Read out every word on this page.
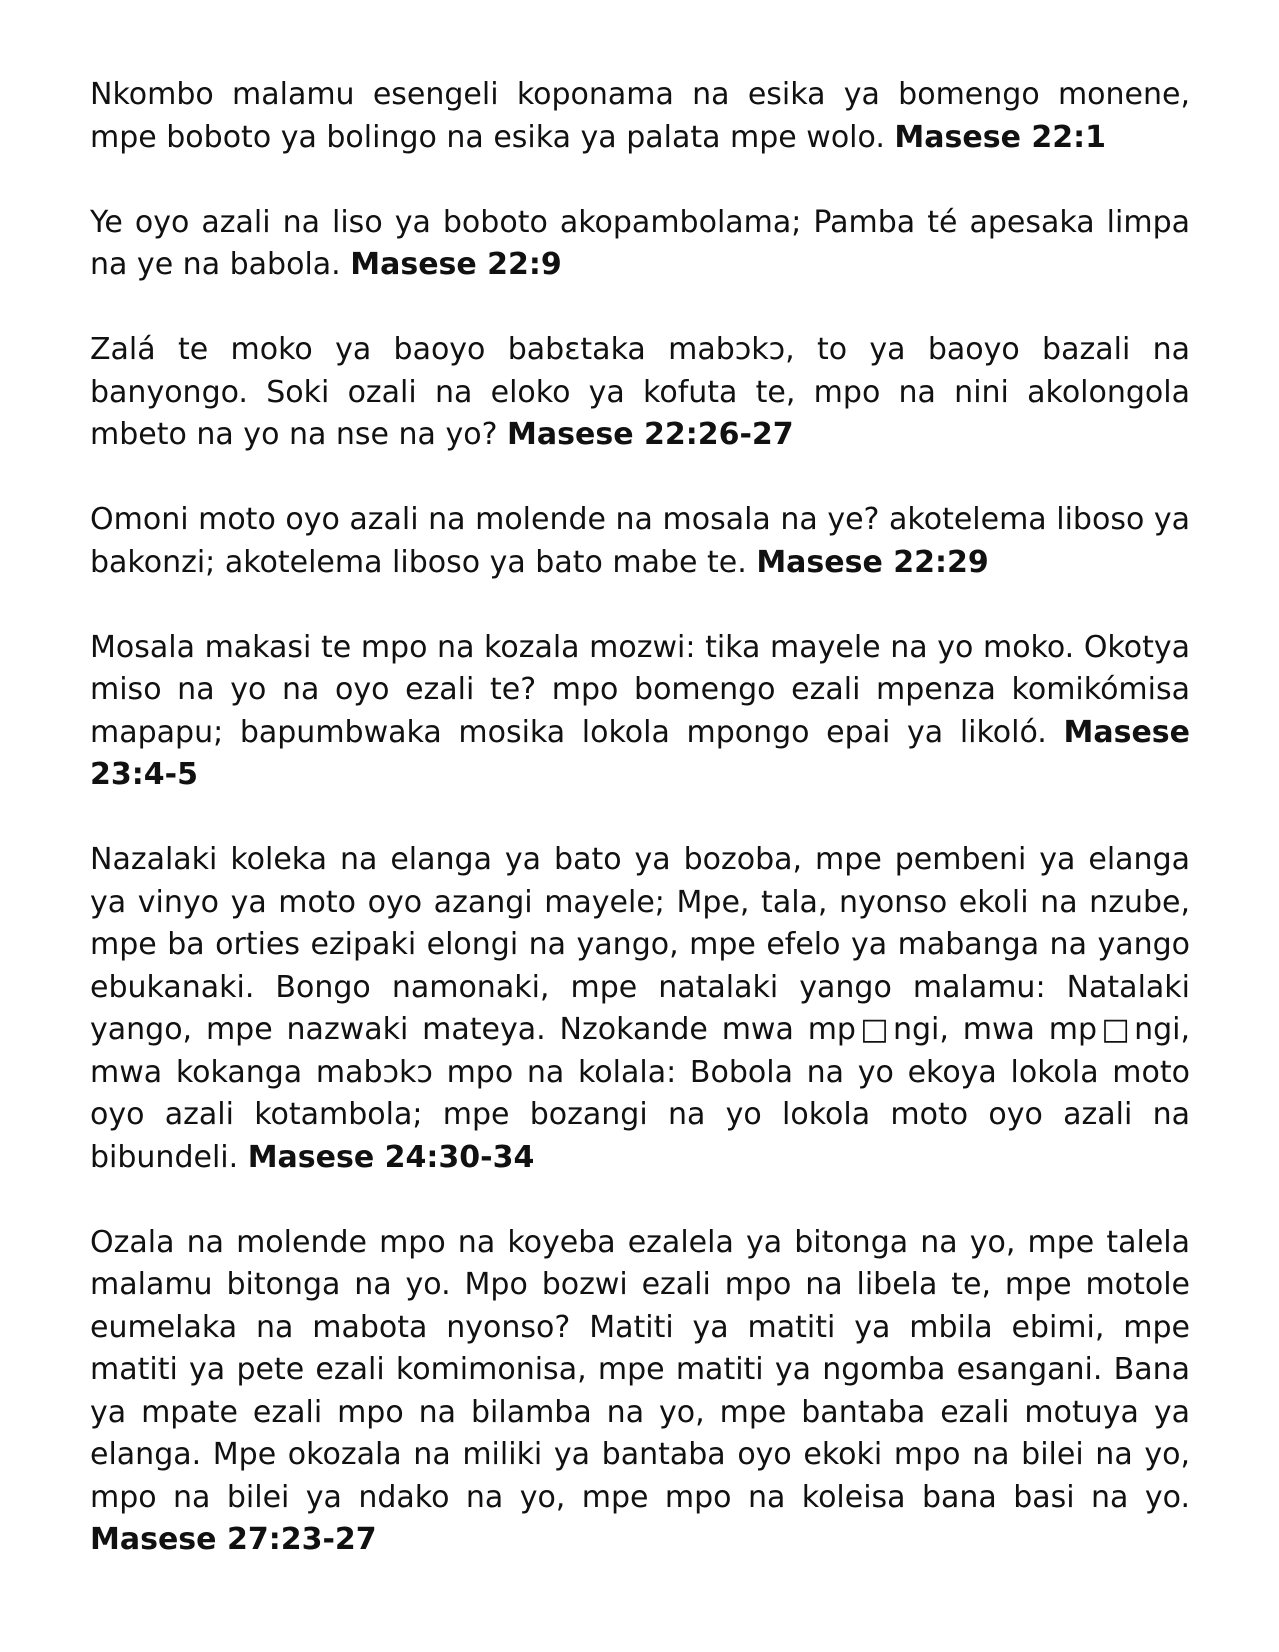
Nkombo malamu esengeli koponama na esika ya bomengo monene, mpe boboto ya bolingo na esika ya palata mpe wolo. Masese 22:1

Ye oyo azali na liso ya boboto akopambolama; Pamba té apesaka limpa na ye na babola. Masese 22:9

Zalá te moko ya baoyo babɛtaka mabɔkɔ, to ya baoyo bazali na banyongo. Soki ozali na eloko ya kofuta te, mpo na nini akolongola mbeto na yo na nse na yo? Masese 22:26-27

Omoni moto oyo azali na molende na mosala na ye? akotelema liboso ya bakonzi; akotelema liboso ya bato mabe te. Masese 22:29

Mosala makasi te mpo na kozala mozwi: tika mayele na yo moko. Okotya miso na yo na oyo ezali te? mpo bomengo ezali mpenza komikómisa mapapu; bapumbwaka mosika lokola mpongo epai ya likoló. Masese 23:4-5

Nazalaki koleka na elanga ya bato ya bozoba, mpe pembeni ya elanga ya vinyo ya moto oyo azangi mayele; Mpe, tala, nyonso ekoli na nzube, mpe ba orties ezipaki elongi na yango, mpe efelo ya mabanga na yango ebukanaki. Bongo namonaki, mpe natalaki yango malamu: Natalaki yango, mpe nazwaki mateya. Nzokande mwa mp□ngi, mwa mp□ngi, mwa kokanga mabɔkɔ mpo na kolala: Bobola na yo ekoya lokola moto oyo azali kotambola; mpe bozangi na yo lokola moto oyo azali na bibundeli. Masese 24:30-34

Ozala na molende mpo na koyeba ezalela ya bitonga na yo, mpe talela malamu bitonga na yo. Mpo bozwi ezali mpo na libela te, mpe motole eumelaka na mabota nyonso? Matiti ya matiti ya mbila ebimi, mpe matiti ya pete ezali komimonisa, mpe matiti ya ngomba esangani. Bana ya mpate ezali mpo na bilamba na yo, mpe bantaba ezali motuya ya elanga. Mpe okozala na miliki ya bantaba oyo ekoki mpo na bilei na yo, mpo na bilei ya ndako na yo, mpe mpo na koleisa bana basi na yo. Masese 27:23-27
